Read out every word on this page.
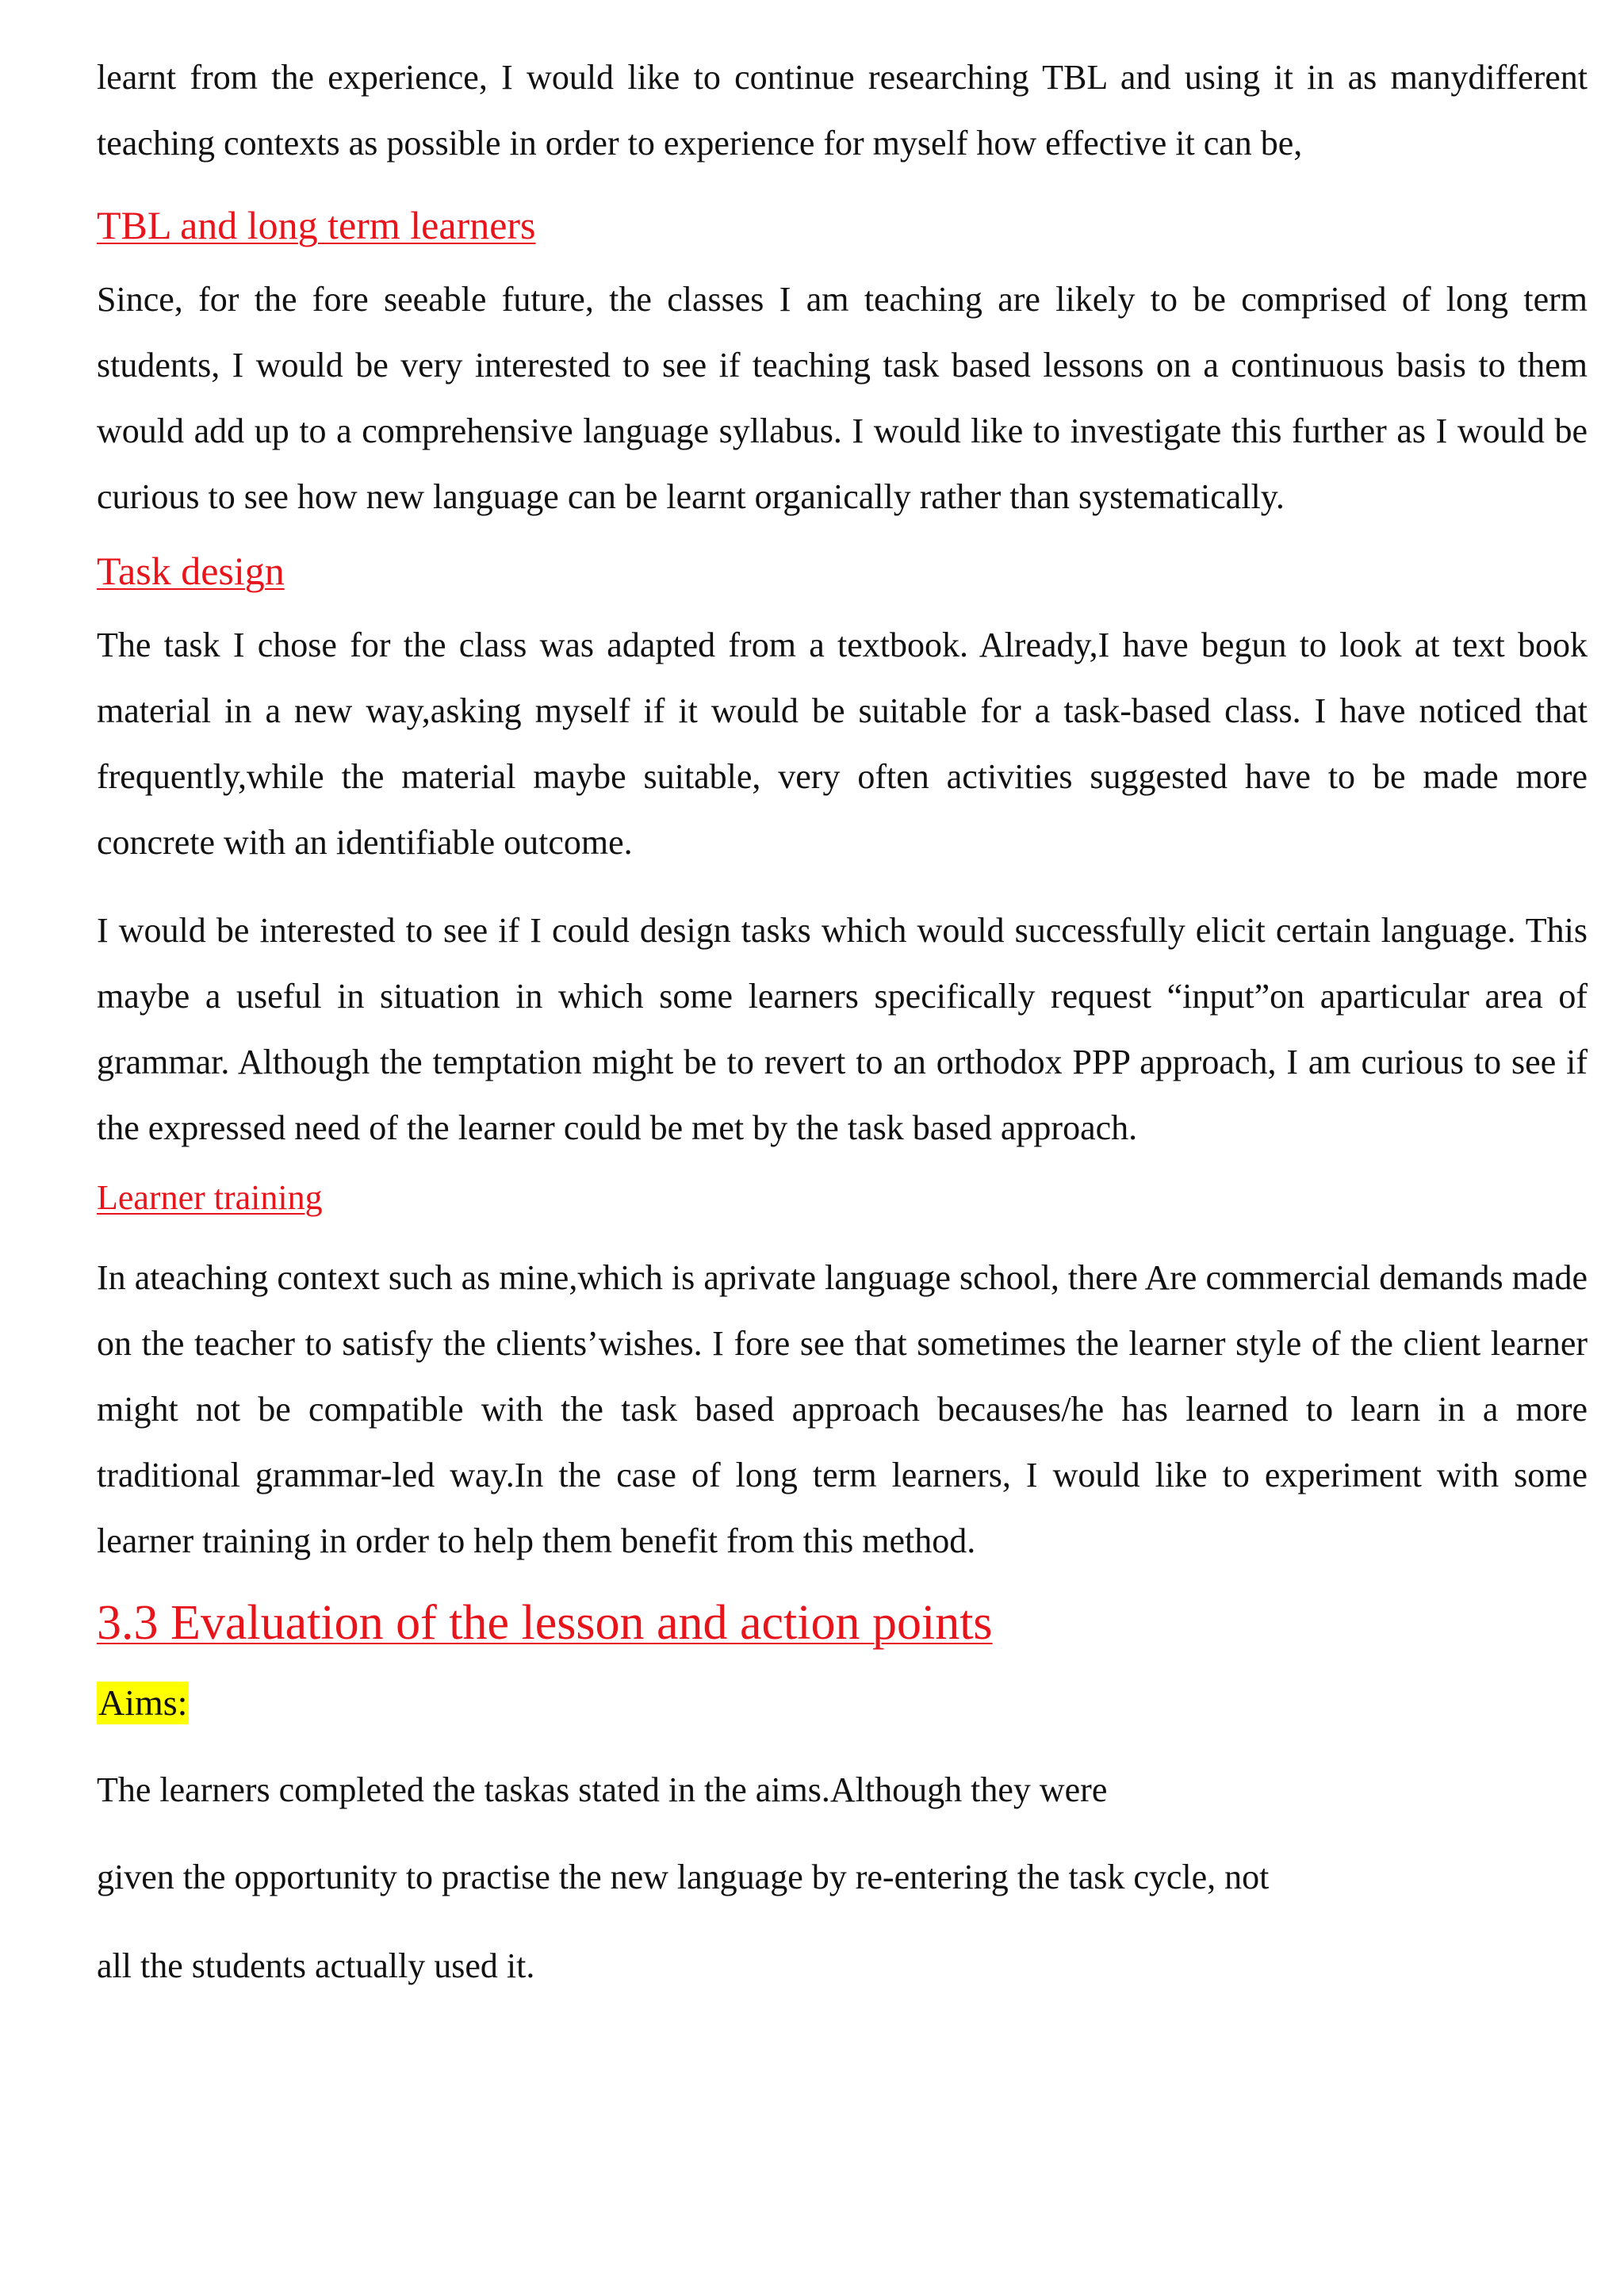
learnt from the experience, I would like to continue researching TBL and using it in as manydifferent teaching contexts as possible in order to experience for myself how effective it can be,

TBL and long term learners

Since, for the fore seeable future, the classes I am teaching are likely to be comprised of long term students, I would be very interested to see if teaching task based lessons on a continuous basis to them would add up to a comprehensive language syllabus. I would like to investigate this further as I would be curious to see how new language can be learnt organically rather than systematically.

Task design

The task I chose for the class was adapted from a textbook. Already,I have begun to look at text book material in a new way,asking myself if it would be suitable for a task-based class. I have noticed that frequently,while the material maybe suitable, very often activities suggested have to be made more concrete with an identifiable outcome.

I would be interested to see if I could design tasks which would successfully elicit certain language. This maybe a useful in situation in which some learners specifically request “input”on aparticular area of grammar. Although the temptation might be to revert to an orthodox PPP approach, I am curious to see if the expressed need of the learner could be met by the task based approach.

Learner training

In ateaching context such as mine,which is aprivate language school, there Are commercial demands made on the teacher to satisfy the clients’wishes. I fore see that sometimes the learner style of the client learner might not be compatible with the task based approach becauses/he has learned to learn in a more traditional grammar-led way.In the case of long term learners, I would like to experiment with some learner training in order to help them benefit from this method.

3.3 Evaluation of the lesson and action points
Aims:
The learners completed the taskas stated in the aims.Although they were
given the opportunity to practise the new language by re-entering the task cycle, not
all the students actually used it.
